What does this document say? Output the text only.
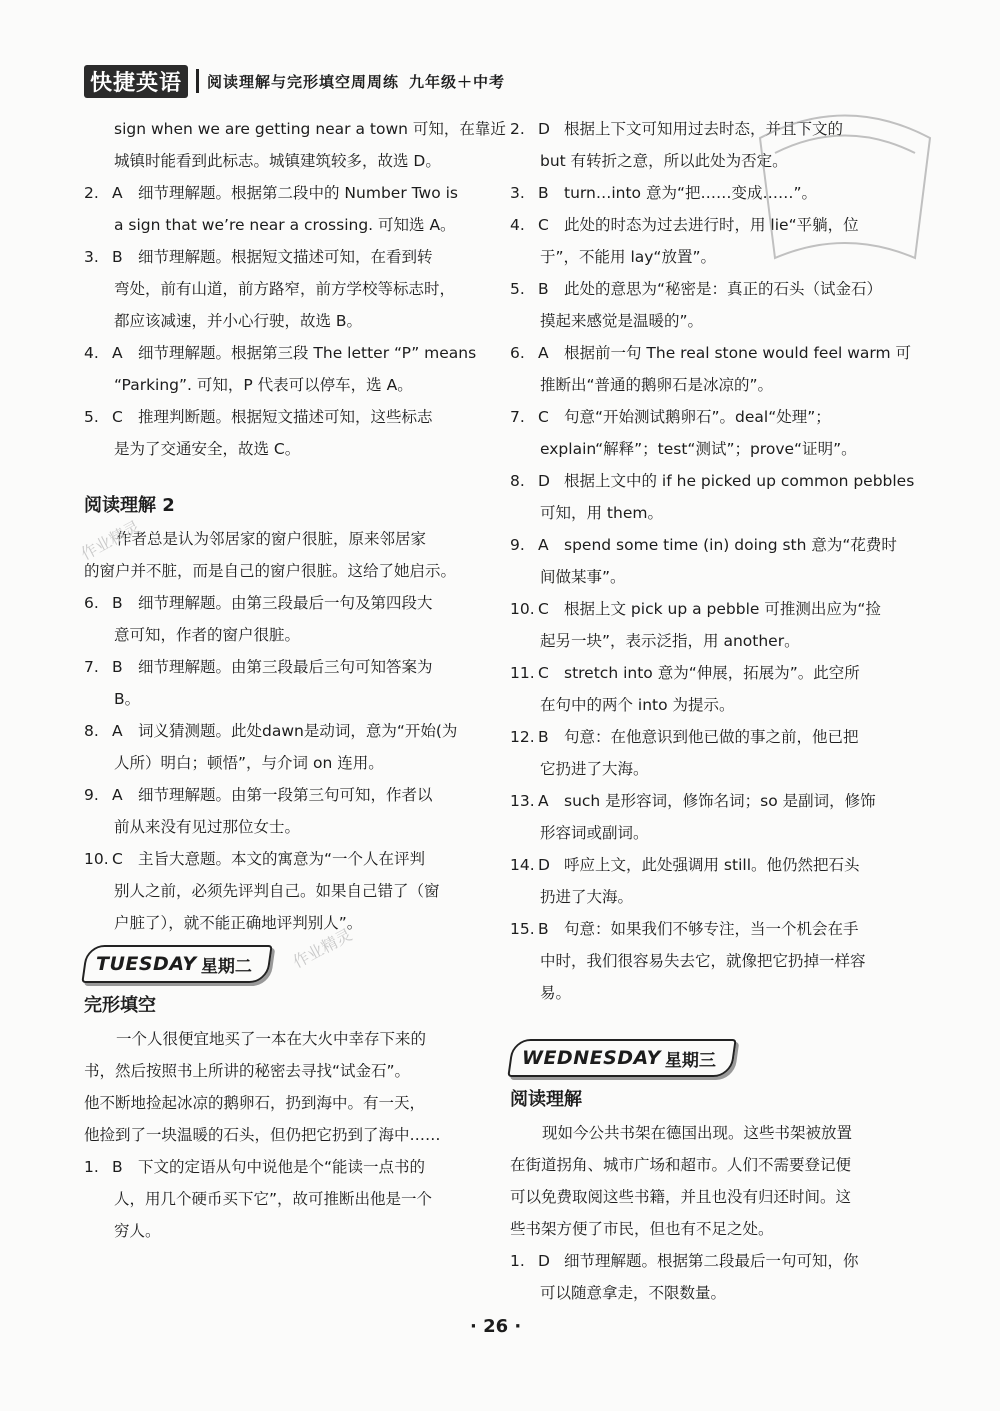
快捷英语	阅读理解与完形填空周周练 九年级＋中考
sign when we are getting near a town 可知，在靠近
城镇时能看到此标志。城镇建筑较多，故选 D。
2. A 细节理解题。根据第二段中的 Number Two is
a sign that we’re near a crossing. 可知选 A。
3. B 细节理解题。根据短文描述可知，在看到转
弯处，前有山道，前方路窄，前方学校等标志时，
都应该减速，并小心行驶，故选 B。
4. A 细节理解题。根据第三段 The letter “P” means
“Parking”. 可知，P 代表可以停车，选 A。
5. C 推理判断题。根据短文描述可知，这些标志
是为了交通安全，故选 C。
阅读理解 2
作者总是认为邻居家的窗户很脏，原来邻居家
的窗户并不脏，而是自己的窗户很脏。这给了她启示。
6. B 细节理解题。由第三段最后一句及第四段大
意可知，作者的窗户很脏。
7. B 细节理解题。由第三段最后三句可知答案为
B。
8. A 词义猜测题。此处dawn是动词，意为“开始(为
人所）明白；顿悟”，与介词 on 连用。
9. A 细节理解题。由第一段第三句可知，作者以
前从来没有见过那位女士。
10. C 主旨大意题。本文的寓意为“一个人在评判
别人之前，必须先评判自己。如果自己错了（窗
户脏了），就不能正确地评判别人”。
TUESDAY 星期二
完形填空
一个人很便宜地买了一本在大火中幸存下来的
书，然后按照书上所讲的秘密去寻找“试金石”。
他不断地捡起冰凉的鹅卵石，扔到海中。有一天，
他捡到了一块温暖的石头，但仍把它扔到了海中……
1. B 下文的定语从句中说他是个“能读一点书的
人，用几个硬币买下它”，故可推断出他是一个
穷人。
2. D 根据上下文可知用过去时态，并且下文的
but 有转折之意，所以此处为否定。
3. B turn…into 意为“把……变成……”。
4. C 此处的时态为过去进行时，用 lie“平躺，位
于”，不能用 lay“放置”。
5. B 此处的意思为“秘密是：真正的石头（试金石）
摸起来感觉是温暖的”。
6. A 根据前一句 The real stone would feel warm 可
推断出“普通的鹅卵石是冰凉的”。
7. C 句意“开始测试鹅卵石”。deal“处理”；
explain“解释”；test“测试”；prove“证明”。
8. D 根据上文中的 if he picked up common pebbles
可知，用 them。
9. A spend some time (in) doing sth 意为“花费时
间做某事”。
10. C 根据上文 pick up a pebble 可推测出应为“捡
起另一块”，表示泛指，用 another。
11. C stretch into 意为“伸展，拓展为”。此空所
在句中的两个 into 为提示。
12. B 句意：在他意识到他已做的事之前，他已把
它扔进了大海。
13. A such 是形容词，修饰名词；so 是副词，修饰
形容词或副词。
14. D 呼应上文，此处强调用 still。他仍然把石头
扔进了大海。
15. B 句意：如果我们不够专注，当一个机会在手
中时，我们很容易失去它，就像把它扔掉一样容
易。
WEDNESDAY 星期三
阅读理解
现如今公共书架在德国出现。这些书架被放置
在街道拐角、城市广场和超市。人们不需要登记便
可以免费取阅这些书籍，并且也没有归还时间。这
些书架方便了市民，但也有不足之处。
1. D 细节理解题。根据第二段最后一句可知，你
可以随意拿走，不限数量。
作业精灵
作业精灵
· 26 ·
